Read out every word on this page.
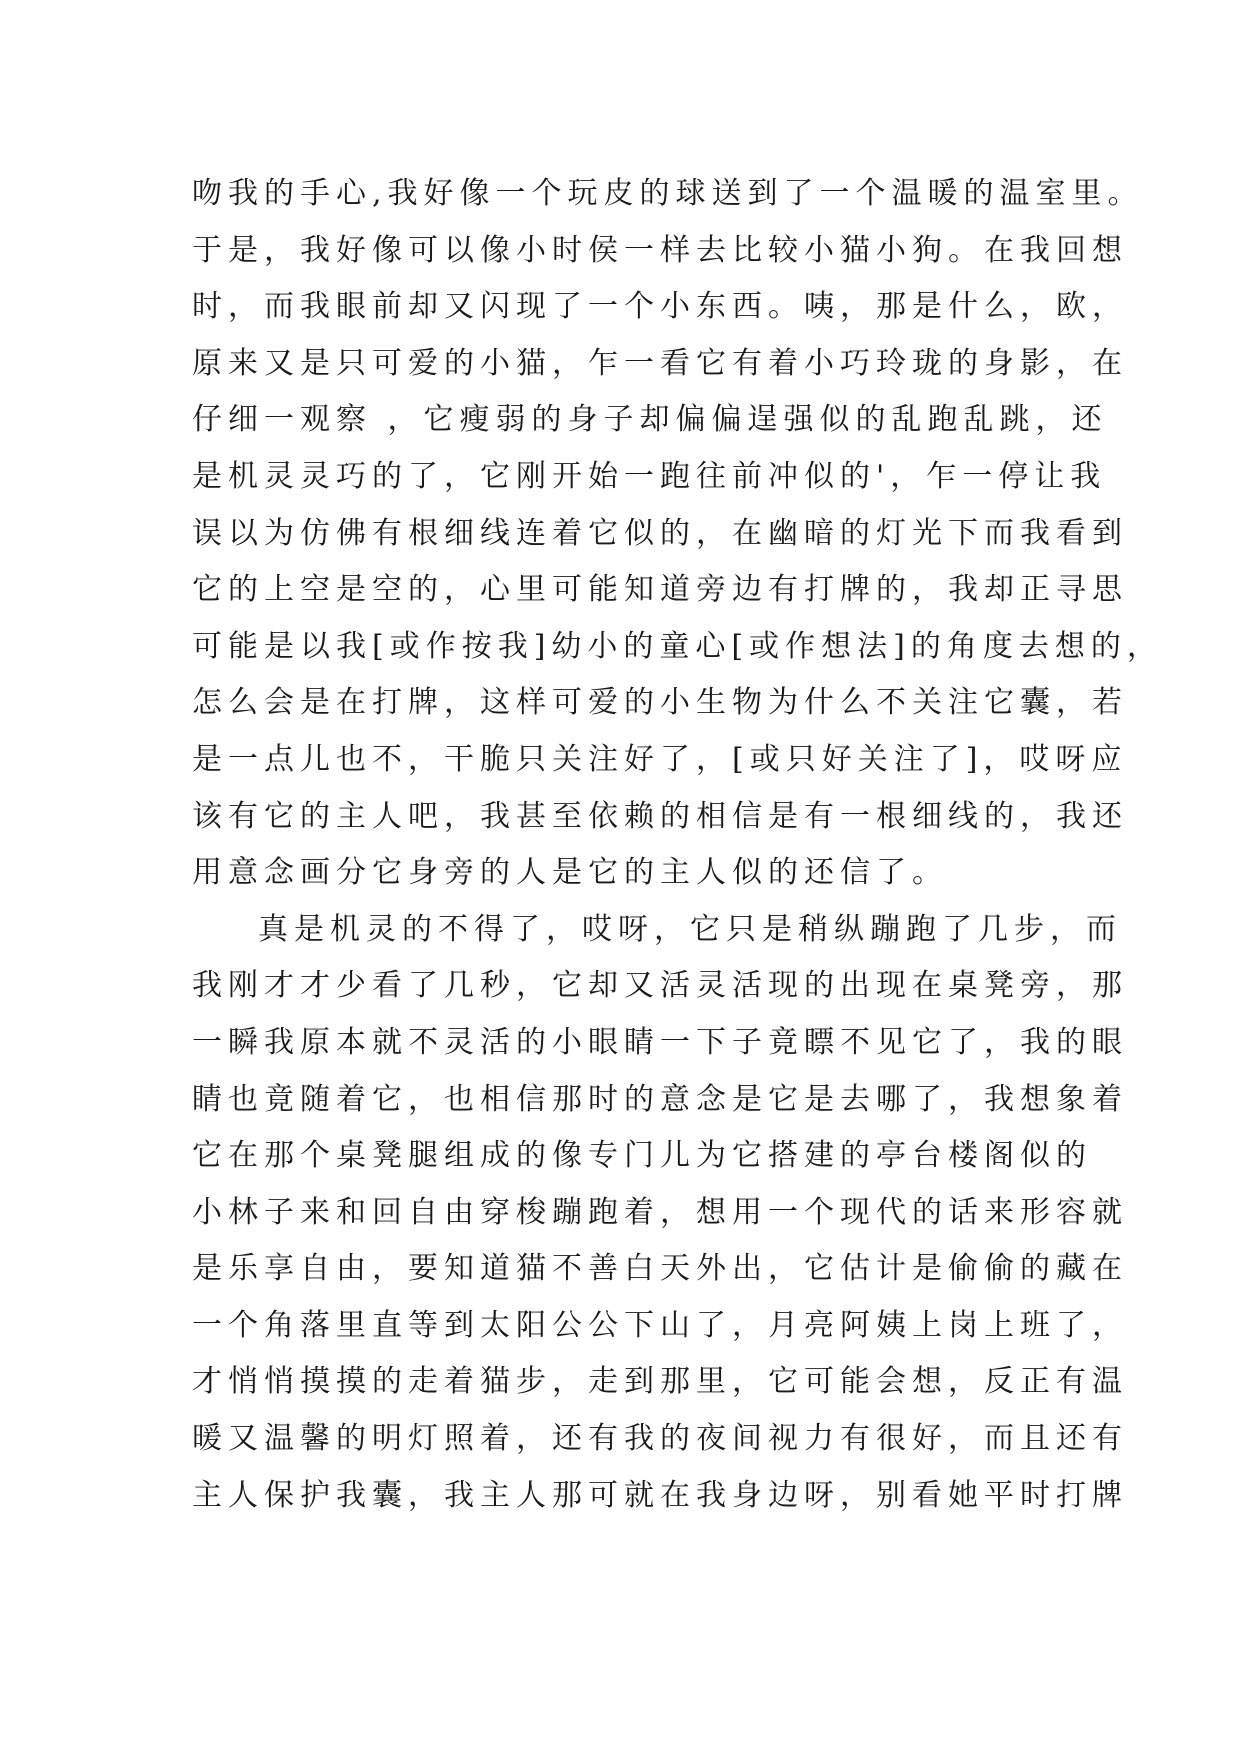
吻我的手心,我好像一个玩皮的球送到了一个温暖的温室里。
于是，我好像可以像小时侯一样去比较小猫小狗。在我回想
时，而我眼前却又闪现了一个小东西。咦，那是什么，欧，
原来又是只可爱的小猫，乍一看它有着小巧玲珑的身影，在
仔细一观察 ，它瘦弱的身子却偏偏逞强似的乱跑乱跳，还
是机灵灵巧的了，它刚开始一跑往前冲似的'，乍一停让我
误以为仿佛有根细线连着它似的，在幽暗的灯光下而我看到
它的上空是空的，心里可能知道旁边有打牌的，我却正寻思
可能是以我[或作按我]幼小的童心[或作想法]的角度去想的，
怎么会是在打牌，这样可爱的小生物为什么不关注它囊，若
是一点儿也不，干脆只关注好了，[或只好关注了]，哎呀应
该有它的主人吧，我甚至依赖的相信是有一根细线的，我还
用意念画分它身旁的人是它的主人似的还信了。
真是机灵的不得了，哎呀，它只是稍纵蹦跑了几步，而
我刚才才少看了几秒，它却又活灵活现的出现在桌凳旁，那
一瞬我原本就不灵活的小眼睛一下子竟瞟不见它了，我的眼
睛也竟随着它，也相信那时的意念是它是去哪了，我想象着
它在那个桌凳腿组成的像专门儿为它搭建的亭台楼阁似的
小林子来和回自由穿梭蹦跑着，想用一个现代的话来形容就
是乐享自由，要知道猫不善白天外出，它估计是偷偷的藏在
一个角落里直等到太阳公公下山了，月亮阿姨上岗上班了，
才悄悄摸摸的走着猫步，走到那里，它可能会想，反正有温
暖又温馨的明灯照着，还有我的夜间视力有很好，而且还有
主人保护我囊，我主人那可就在我身边呀，别看她平时打牌
